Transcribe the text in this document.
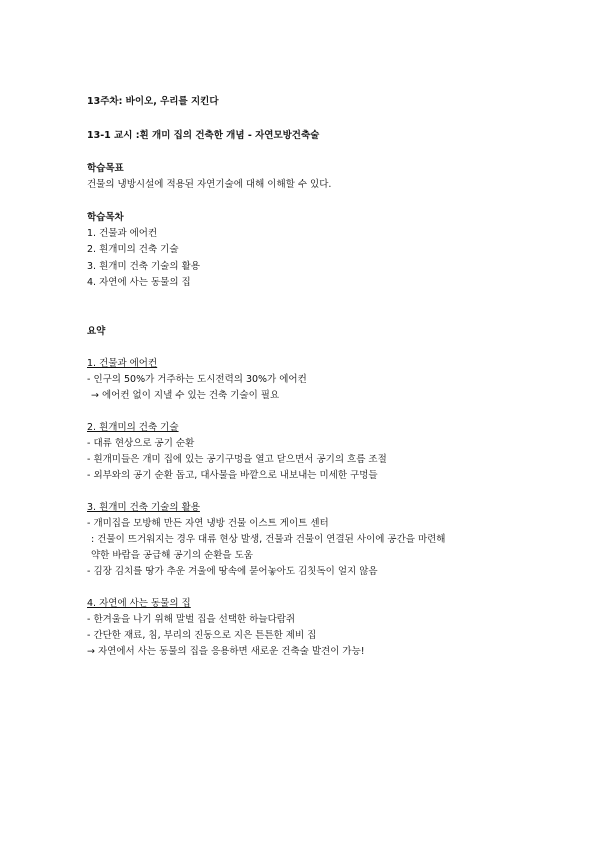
13주차: 바이오, 우리를 지킨다
13-1 교시 :흰 개미 집의 건축한 개념 - 자연모방건축술
학습목표
건물의 냉방시설에 적용된 자연기술에 대해 이해할 수 있다.
학습목차
1. 건물과 에어컨
2. 흰개미의 건축 기술
3. 흰개미 건축 기술의 활용
4. 자연에 사는 동물의 집
요약
1. 건물과 에어컨
- 인구의 50%가 거주하는 도시전력의 30%가 에어컨
→ 에어컨 없이 지낼 수 있는 건축 기술이 필요
2. 흰개미의 건축 기술
- 대류 현상으로 공기 순환
- 흰개미들은 개미 집에 있는 공기구멍을 열고 닫으면서 공기의 흐름 조절
- 외부와의 공기 순환 돕고, 대사물을 바깥으로 내보내는 미세한 구멍들
3. 흰개미 건축 기술의 활용
- 개미집을 모방해 만든 자연 냉방 건물 이스트 게이트 센터
: 건물이 뜨거워지는 경우 대류 현상 발생, 건물과 건물이 연결된 사이에 공간을 마련해
약한 바람을 공급해 공기의 순환을 도움
- 김장 김치를 땅가 추운 겨울에 땅속에 묻어놓아도 김칫독이 얼지 않음
4. 자연에 사는 동물의 집
- 한겨울을 나기 위해 말벌 집을 선택한 하늘다람쥐
- 간단한 재료, 침, 부리의 진동으로 지은 튼튼한 제비 집
→ 자연에서 사는 동물의 집을 응용하면 새로운 건축술 발견이 가능!
